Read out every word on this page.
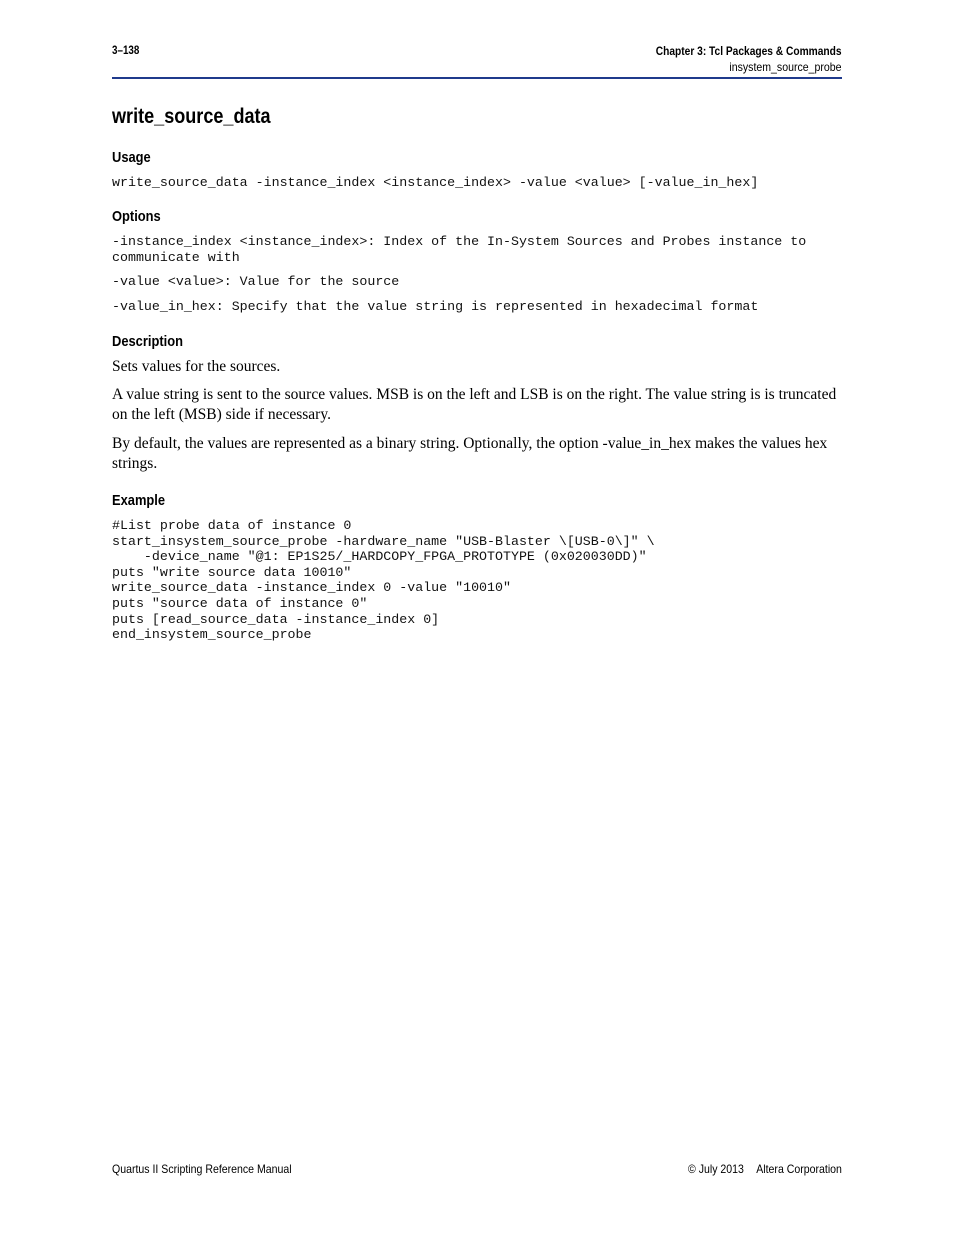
3–138	Chapter 3: Tcl Packages & Commands
insystem_source_probe
write_source_data
Usage
write_source_data -instance_index <instance_index> -value <value> [-value_in_hex]
Options
-instance_index <instance_index>: Index of the In-System Sources and Probes instance to
communicate with
-value <value>: Value for the source
-value_in_hex: Specify that the value string is represented in hexadecimal format
Description

Sets values for the sources.

A value string is sent to the source values. MSB is on the left and LSB is on the right. The value string is is truncated on the left (MSB) side if necessary.

By default, the values are represented as a binary string. Optionally, the option -value_in_hex makes the values hex strings.

Example
#List probe data of instance 0
start_insystem_source_probe -hardware_name "USB-Blaster \[USB-0\]" \
-device_name "@1: EP1S25/_HARDCOPY_FPGA_PROTOTYPE (0x020030DD)"
puts "write source data 10010"
write_source_data -instance_index 0 -value "10010"
puts "source data of instance 0"
puts [read_source_data -instance_index 0]
end_insystem_source_probe
Quartus II Scripting Reference Manual	© July 2013 Altera Corporation
